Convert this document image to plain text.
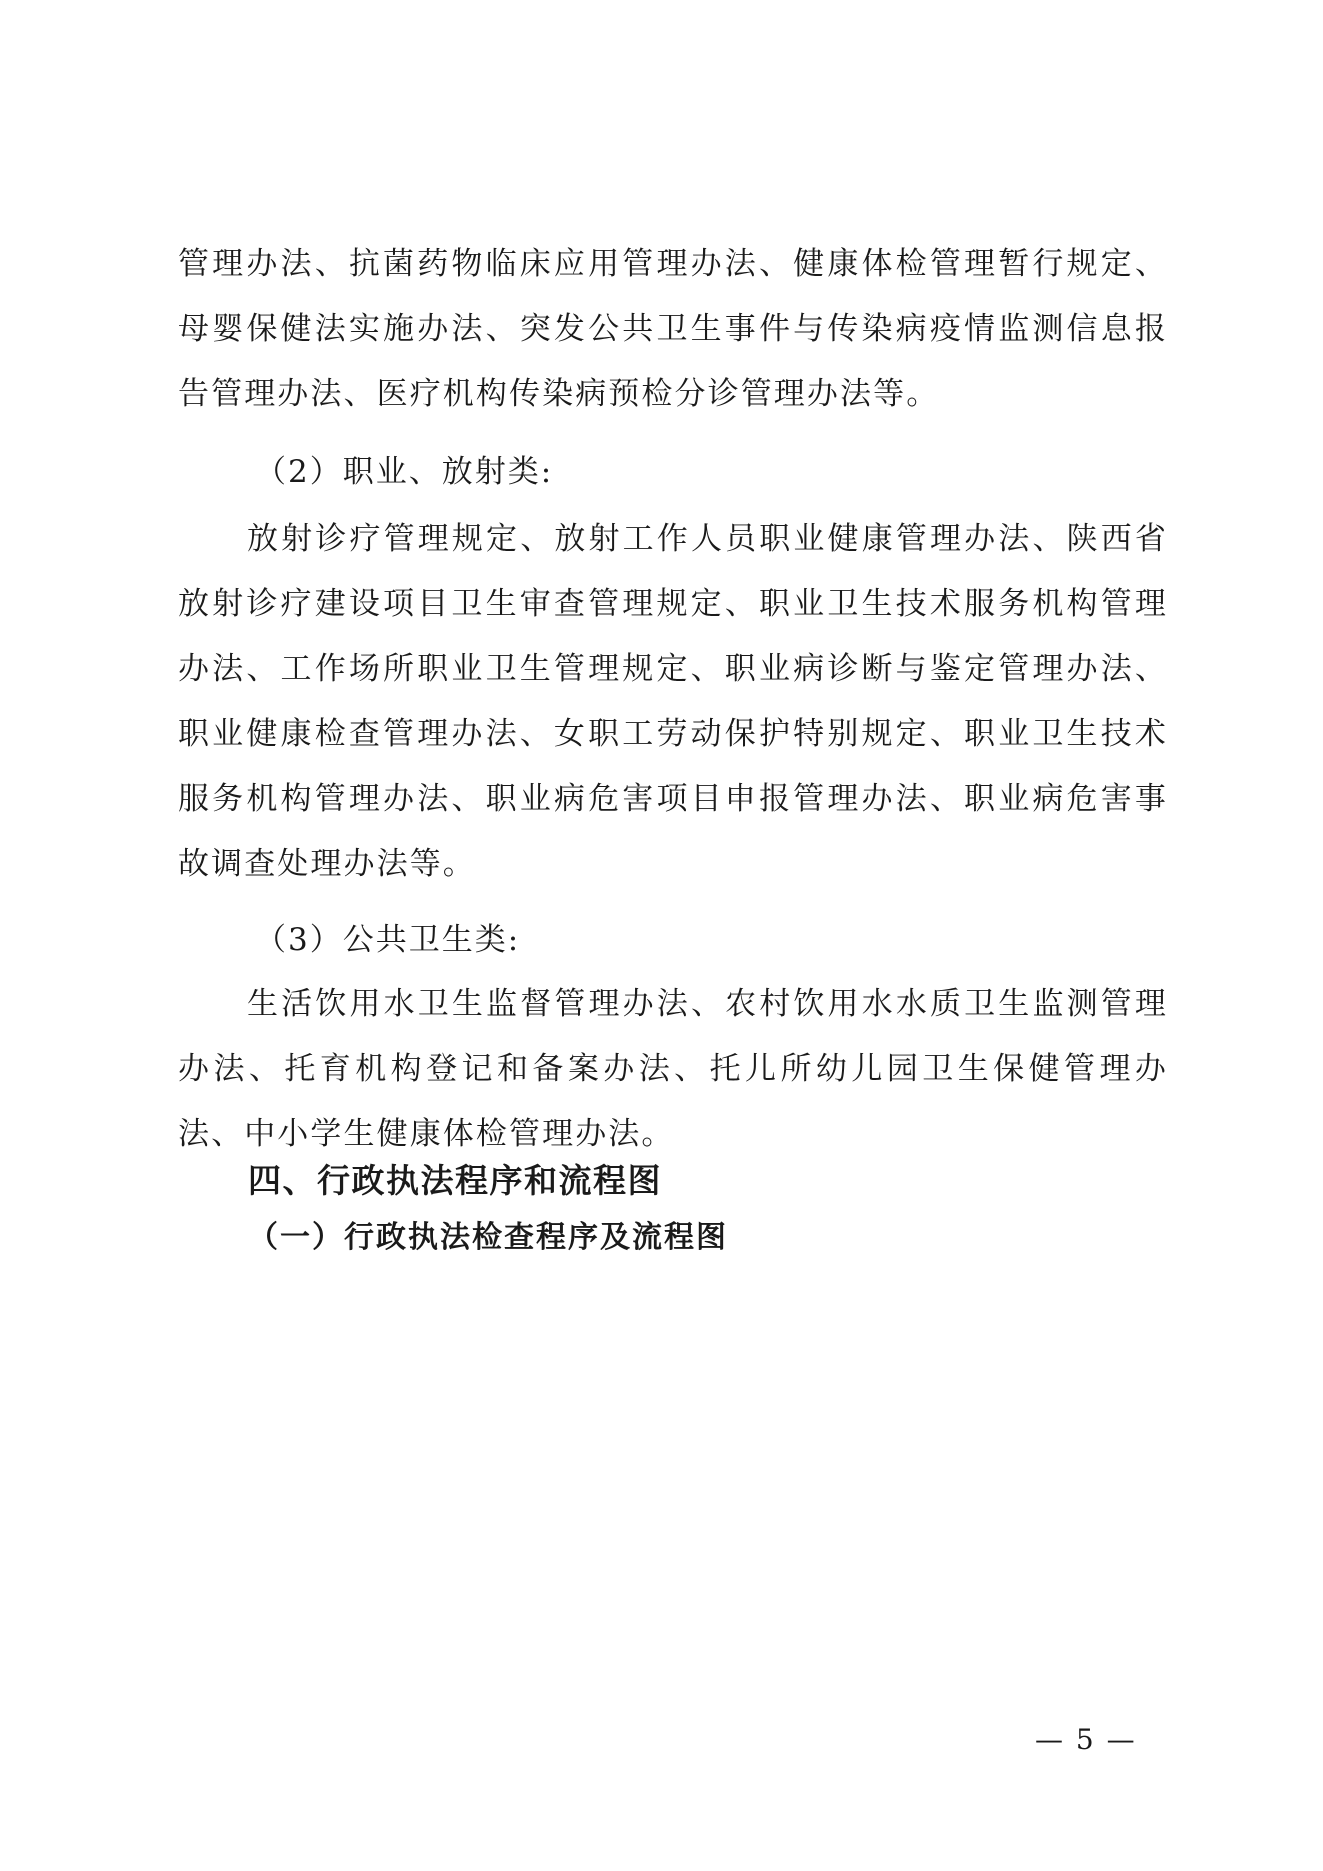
管理办法、抗菌药物临床应用管理办法、健康体检管理暂行规定、母婴保健法实施办法、突发公共卫生事件与传染病疫情监测信息报告管理办法、医疗机构传染病预检分诊管理办法等。

（2）职业、放射类:

放射诊疗管理规定、放射工作人员职业健康管理办法、陕西省放射诊疗建设项目卫生审查管理规定、职业卫生技术服务机构管理办法、工作场所职业卫生管理规定、职业病诊断与鉴定管理办法、职业健康检查管理办法、女职工劳动保护特别规定、职业卫生技术服务机构管理办法、职业病危害项目申报管理办法、职业病危害事故调查处理办法等。

（3）公共卫生类:

生活饮用水卫生监督管理办法、农村饮用水水质卫生监测管理办法、托育机构登记和备案办法、托儿所幼儿园卫生保健管理办法、中小学生健康体检管理办法。

四、行政执法程序和流程图
（一）行政执法检查程序及流程图
— 5 —
